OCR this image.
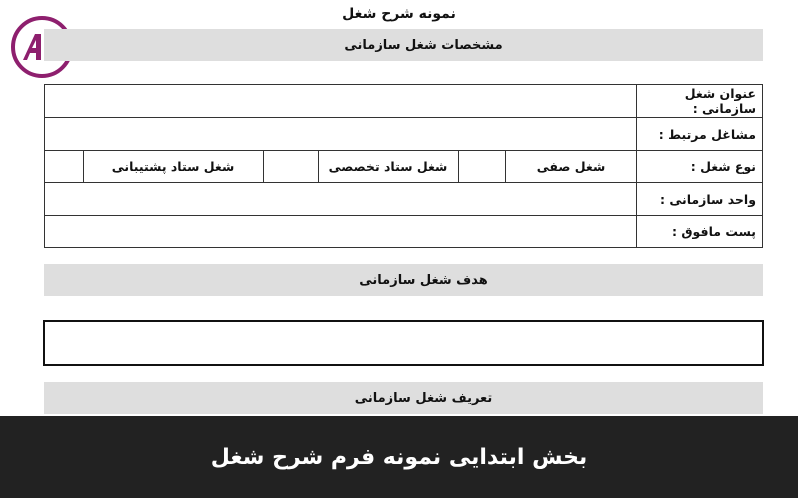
نمونه شرح شغل
مشخصات شغل سازمانی
عنوان شغل سازمانی :
مشاغل مرتبط :
نوع شغل :
شغل صفی
شغل ستاد تخصصی
شغل ستاد پشتیبانی
واحد سازمانی :
پست مافوق :
هدف شغل سازمانی
تعریف شغل سازمانی
بخش ابتدایی نمونه فرم شرح شغل
